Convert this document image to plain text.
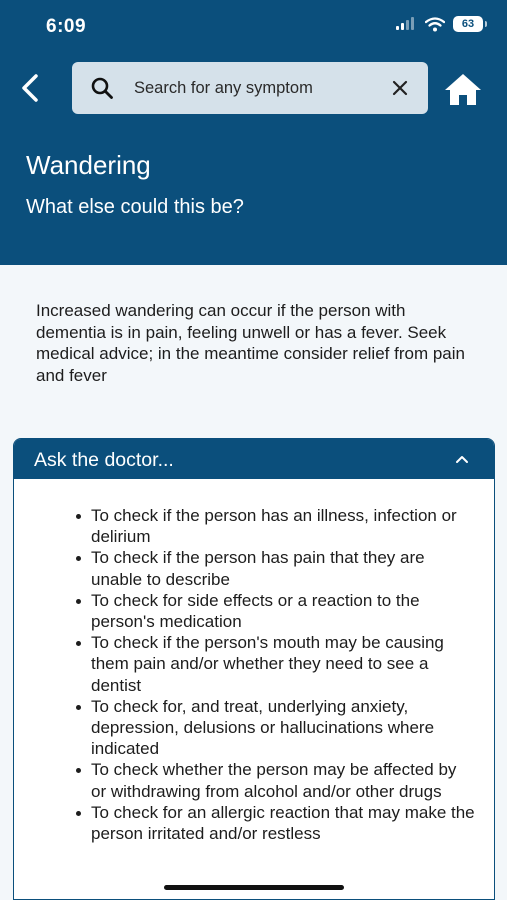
6:09	63
Search for any symptom
Wandering

What else could this be?

Increased wandering can occur if the person with dementia is in pain, feeling unwell or has a fever. Seek medical advice; in the meantime consider relief from pain and fever

Ask the doctor...
To check if the person has an illness, infection or delirium
To check if the person has pain that they are unable to describe
To check for side effects or a reaction to the person's medication
To check if the person's mouth may be causing them pain and/or whether they need to see a dentist
To check for, and treat, underlying anxiety, depression, delusions or hallucinations where indicated
To check whether the person may be affected by or withdrawing from alcohol and/or other drugs
To check for an allergic reaction that may make the person irritated and/or restless
